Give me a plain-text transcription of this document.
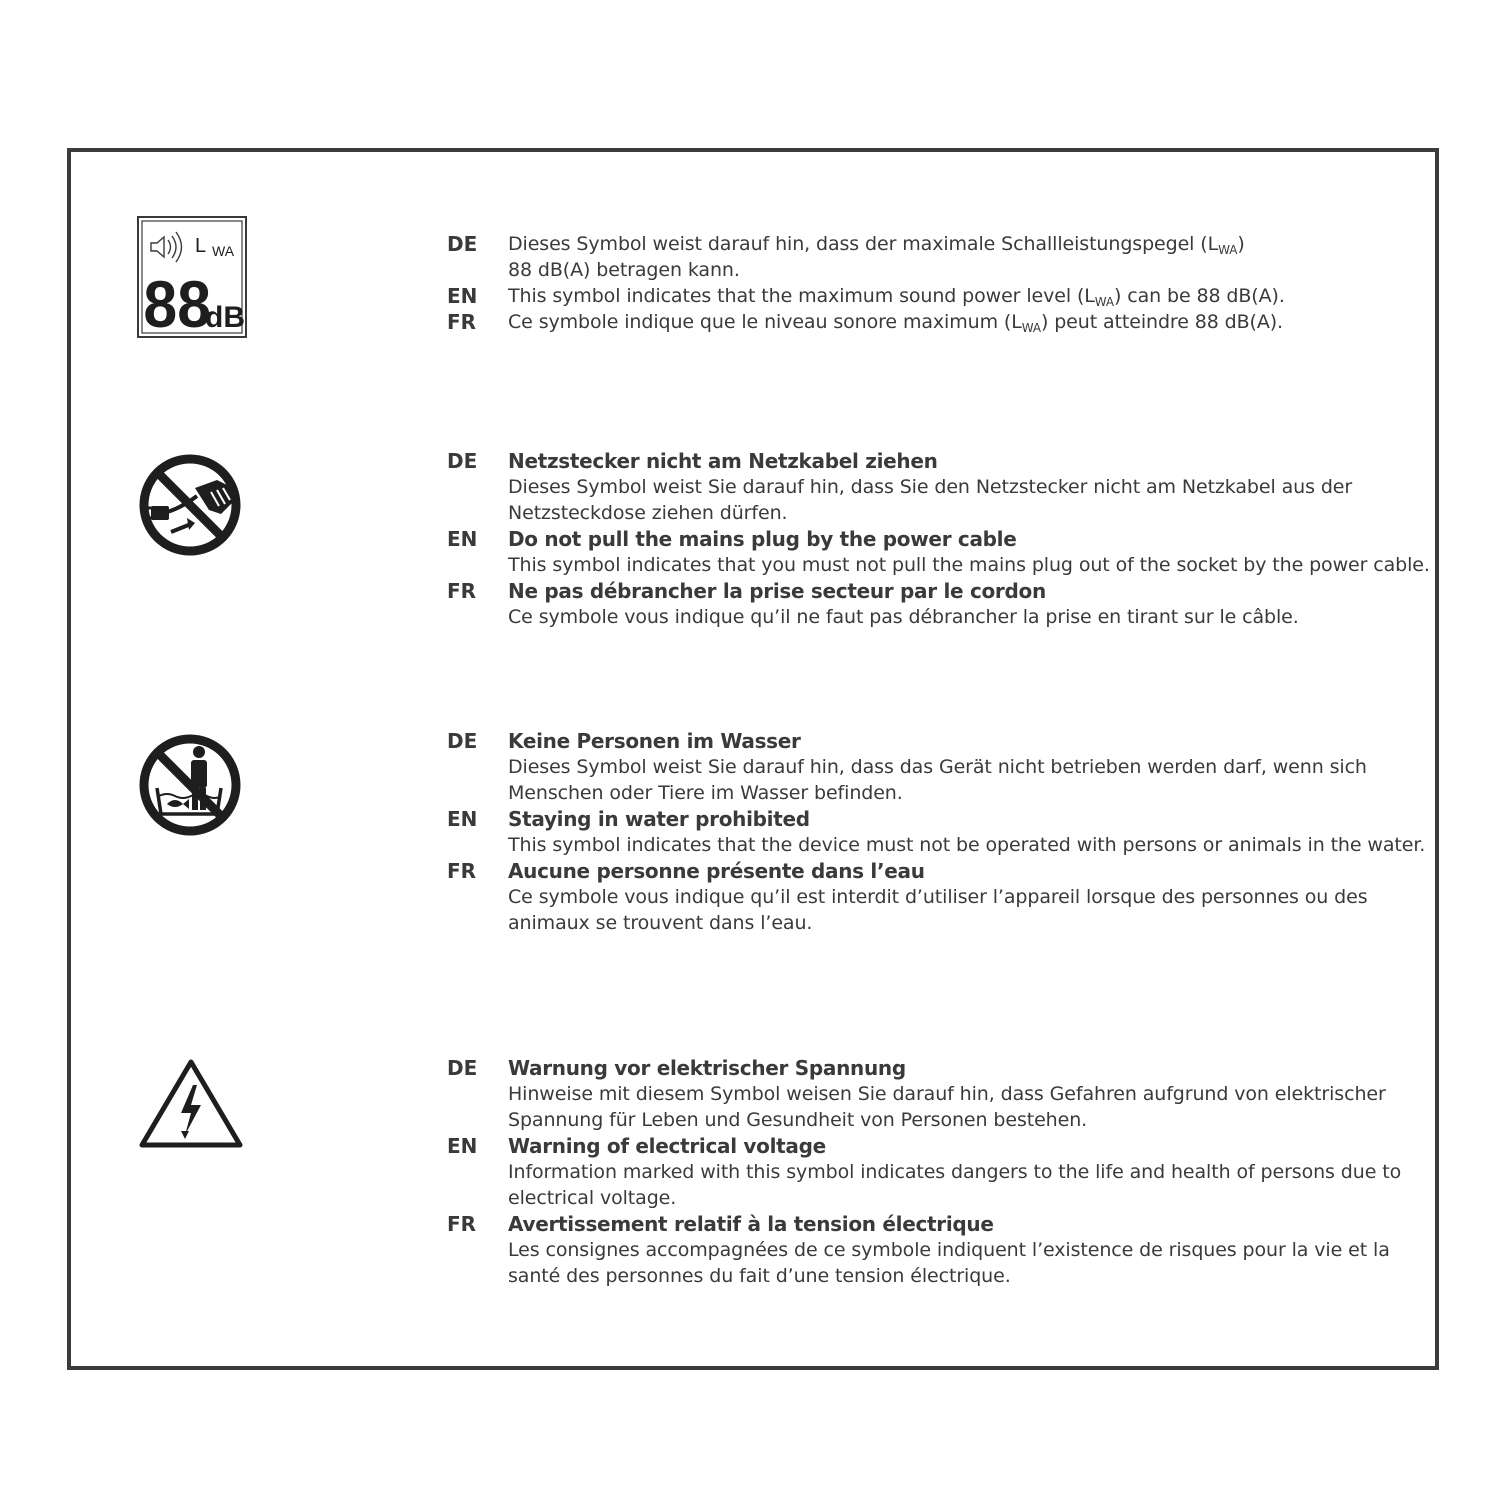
L WA
88
dB
DE Dieses Symbol weist darauf hin, dass der maximale Schallleistungspegel $(L_{WA})$
88 dB(A) betragen kann.
EN This symbol indicates that the maximum sound power level $(L_{WA})$ can be 88 dB(A).
FR Ce symbole indique que le niveau sonore maximum $(L_{WA})$ peut atteindre 88 dB(A).
DE Netzstecker nicht am Netzkabel ziehen
Dieses Symbol weist Sie darauf hin, dass Sie den Netzstecker nicht am Netzkabel aus der
Netzsteckdose ziehen dürfen.
EN Do not pull the mains plug by the power cable
This symbol indicates that you must not pull the mains plug out of the socket by the power cable.
FR Ne pas débrancher la prise secteur par le cordon
Ce symbole vous indique qu’il ne faut pas débrancher la prise en tirant sur le câble.
DE Keine Personen im Wasser
Dieses Symbol weist Sie darauf hin, dass das Gerät nicht betrieben werden darf, wenn sich
Menschen oder Tiere im Wasser befinden.
EN Staying in water prohibited
This symbol indicates that the device must not be operated with persons or animals in the water.
FR Aucune personne présente dans l’eau
Ce symbole vous indique qu’il est interdit d’utiliser l’appareil lorsque des personnes ou des
animaux se trouvent dans l’eau.
DE Warnung vor elektrischer Spannung
Hinweise mit diesem Symbol weisen Sie darauf hin, dass Gefahren aufgrund von elektrischer
Spannung für Leben und Gesundheit von Personen bestehen.
EN Warning of electrical voltage
Information marked with this symbol indicates dangers to the life and health of persons due to
electrical voltage.
FR Avertissement relatif à la tension électrique
Les consignes accompagnées de ce symbole indiquent l’existence de risques pour la vie et la
santé des personnes du fait d’une tension électrique.
